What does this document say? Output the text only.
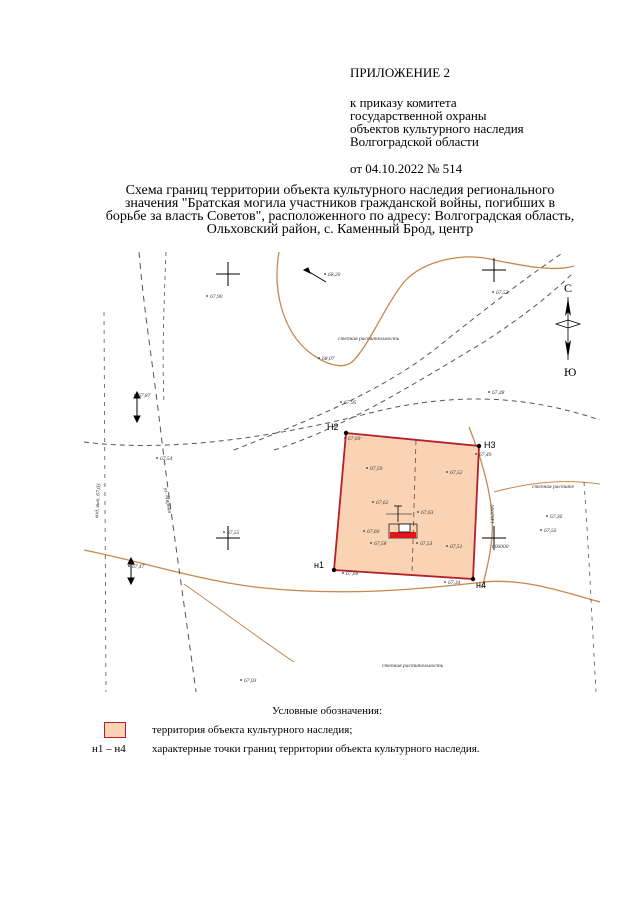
ПРИЛОЖЕНИЕ 2
к приказу комитета
государственной охраны
объектов культурного наследия
Волгоградской области
от 04.10.2022 № 514
Схема границ территории объекта культурного наследия регионального
значения "Братская могила участников гражданской войны, погибших в
борьбе за власть Советов", расположенного по адресу: Волгоградская область,
Ольховский район, с. Каменный Брод, центр
н1
Н2
Н3
н4
С
Ю
степная растительность
степная растите
степная растительность
ул. Мирная
вод. вып. 67,03	1402000
606000
67,90
68,20
67,53
68,07
67,87
67,95
67,48
67,54
67,69
67,59
67,52
67,49
67,62
67,63
67,60
67,58	67,53	67,51
67,55
67,36
67,47
67,66
67,34
67,03
67,56
Условные обозначения:
территория объекта культурного наследия;
н1 – н4 характерные точки границ территории объекта культурного наследия.
